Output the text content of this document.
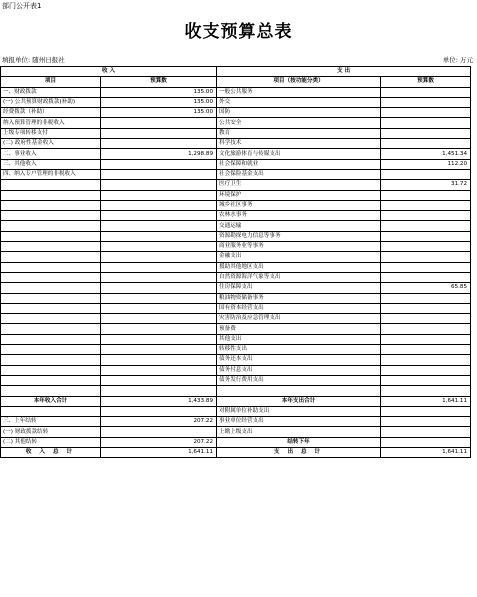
部门公开表1
收支预算总表
填报单位: 随州日报社	单位: 万元
收 入		支 出	
项目	预算数	项目（按功能分类）	预算数
一、财政拨款	135.00	一般公共服务	
(一) 公共预算财政拨款(补助)	135.00	外交	
经费拨款（补助）	135.00	国防	
纳入预算管理的非税收入		公共安全	
上级专项转移支付		教育	
(二) 政府性基金收入		科学技术	
二、事业收入	1,298.89	文化旅游体育与传媒支出	1,451.34
三、其他收入		社会保障和就业	112.20
四、纳入专户管理的非税收入		社会保险基金支出	
		医疗卫生	31.72
		环境保护	
		城乡社区事务	
		农林水事务	
		交通运输	
		资源勘探电力信息等事务	
		商业服务业等事务	
		金融支出	
		援助其他地区支出	
		自然资源海洋气象等支出	
		住房保障支出	65.85
		粮油物资储备事务	
		国有资本经营支出	
		灾害防治及应急管理支出	
		预备费	
		其他支出	
		转移性支出	
		债务还本支出	
		债务付息支出	
		债务发行费用支出	

本年收入合计	1,433.89	本年支出合计	1,641.11
		对附属单位补助支出	
三、上年结转	207.22	事业单位经营支出	
(一) 财政拨款结转		上缴上级支出	
(二) 其他结转	207.22	结转下年	
收 入 总 计	1,641.11	支 出 总 计	1,641.11
